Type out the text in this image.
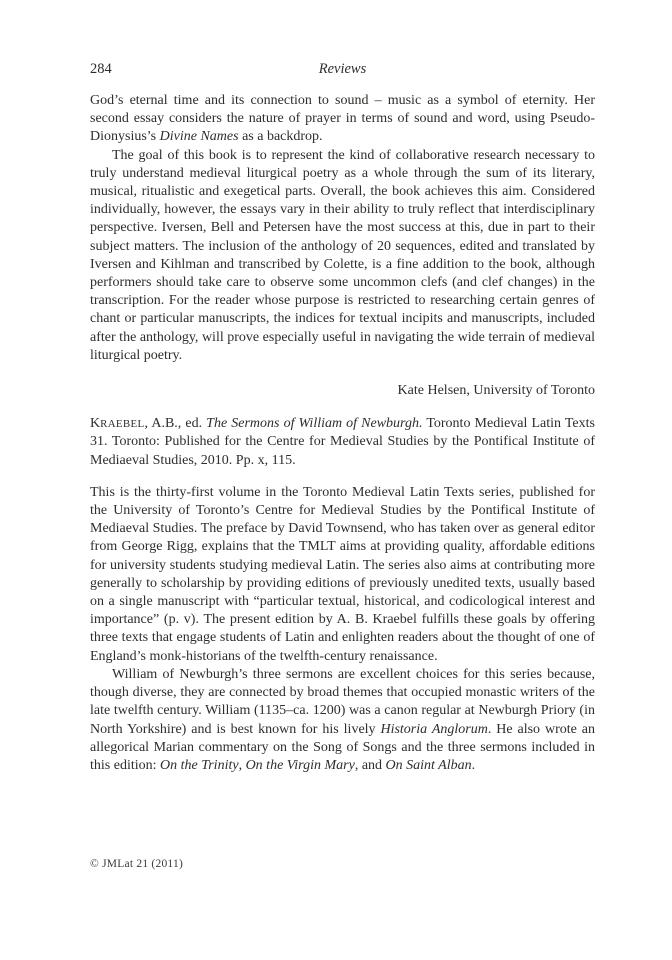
284	Reviews

God’s eternal time and its connection to sound – music as a symbol of eternity. Her second essay considers the nature of prayer in terms of sound and word, using Pseudo-Dionysius’s Divine Names as a backdrop.

The goal of this book is to represent the kind of collaborative research necessary to truly understand medieval liturgical poetry as a whole through the sum of its literary, musical, ritualistic and exegetical parts. Overall, the book achieves this aim. Considered individually, however, the essays vary in their ability to truly reflect that interdisciplinary perspective. Iversen, Bell and Petersen have the most success at this, due in part to their subject matters. The inclusion of the anthology of 20 sequences, edited and translated by Iversen and Kihlman and transcribed by Colette, is a fine addition to the book, although performers should take care to observe some uncommon clefs (and clef changes) in the transcription. For the reader whose purpose is restricted to researching certain genres of chant or particular manuscripts, the indices for textual incipits and manuscripts, included after the anthology, will prove especially useful in navigating the wide terrain of medieval liturgical poetry.

Kate Helsen, University of Toronto

KRAEBEL, A.B., ed. The Sermons of William of Newburgh. Toronto Medieval Latin Texts 31. Toronto: Published for the Centre for Medieval Studies by the Pontifical Institute of Mediaeval Studies, 2010. Pp. x, 115.

This is the thirty-first volume in the Toronto Medieval Latin Texts series, published for the University of Toronto’s Centre for Medieval Studies by the Pontifical Institute of Mediaeval Studies. The preface by David Townsend, who has taken over as general editor from George Rigg, explains that the TMLT aims at providing quality, affordable editions for university students studying medieval Latin. The series also aims at contributing more generally to scholarship by providing editions of previously unedited texts, usually based on a single manuscript with “particular textual, historical, and codicological interest and importance” (p. v). The present edition by A. B. Kraebel fulfills these goals by offering three texts that engage students of Latin and enlighten readers about the thought of one of England’s monk-historians of the twelfth-century renaissance.

William of Newburgh’s three sermons are excellent choices for this series because, though diverse, they are connected by broad themes that occupied monastic writers of the late twelfth century. William (1135–ca. 1200) was a canon regular at Newburgh Priory (in North Yorkshire) and is best known for his lively Historia Anglorum. He also wrote an allegorical Marian commentary on the Song of Songs and the three sermons included in this edition: On the Trinity, On the Virgin Mary, and On Saint Alban.

© JMLat 21 (2011)
